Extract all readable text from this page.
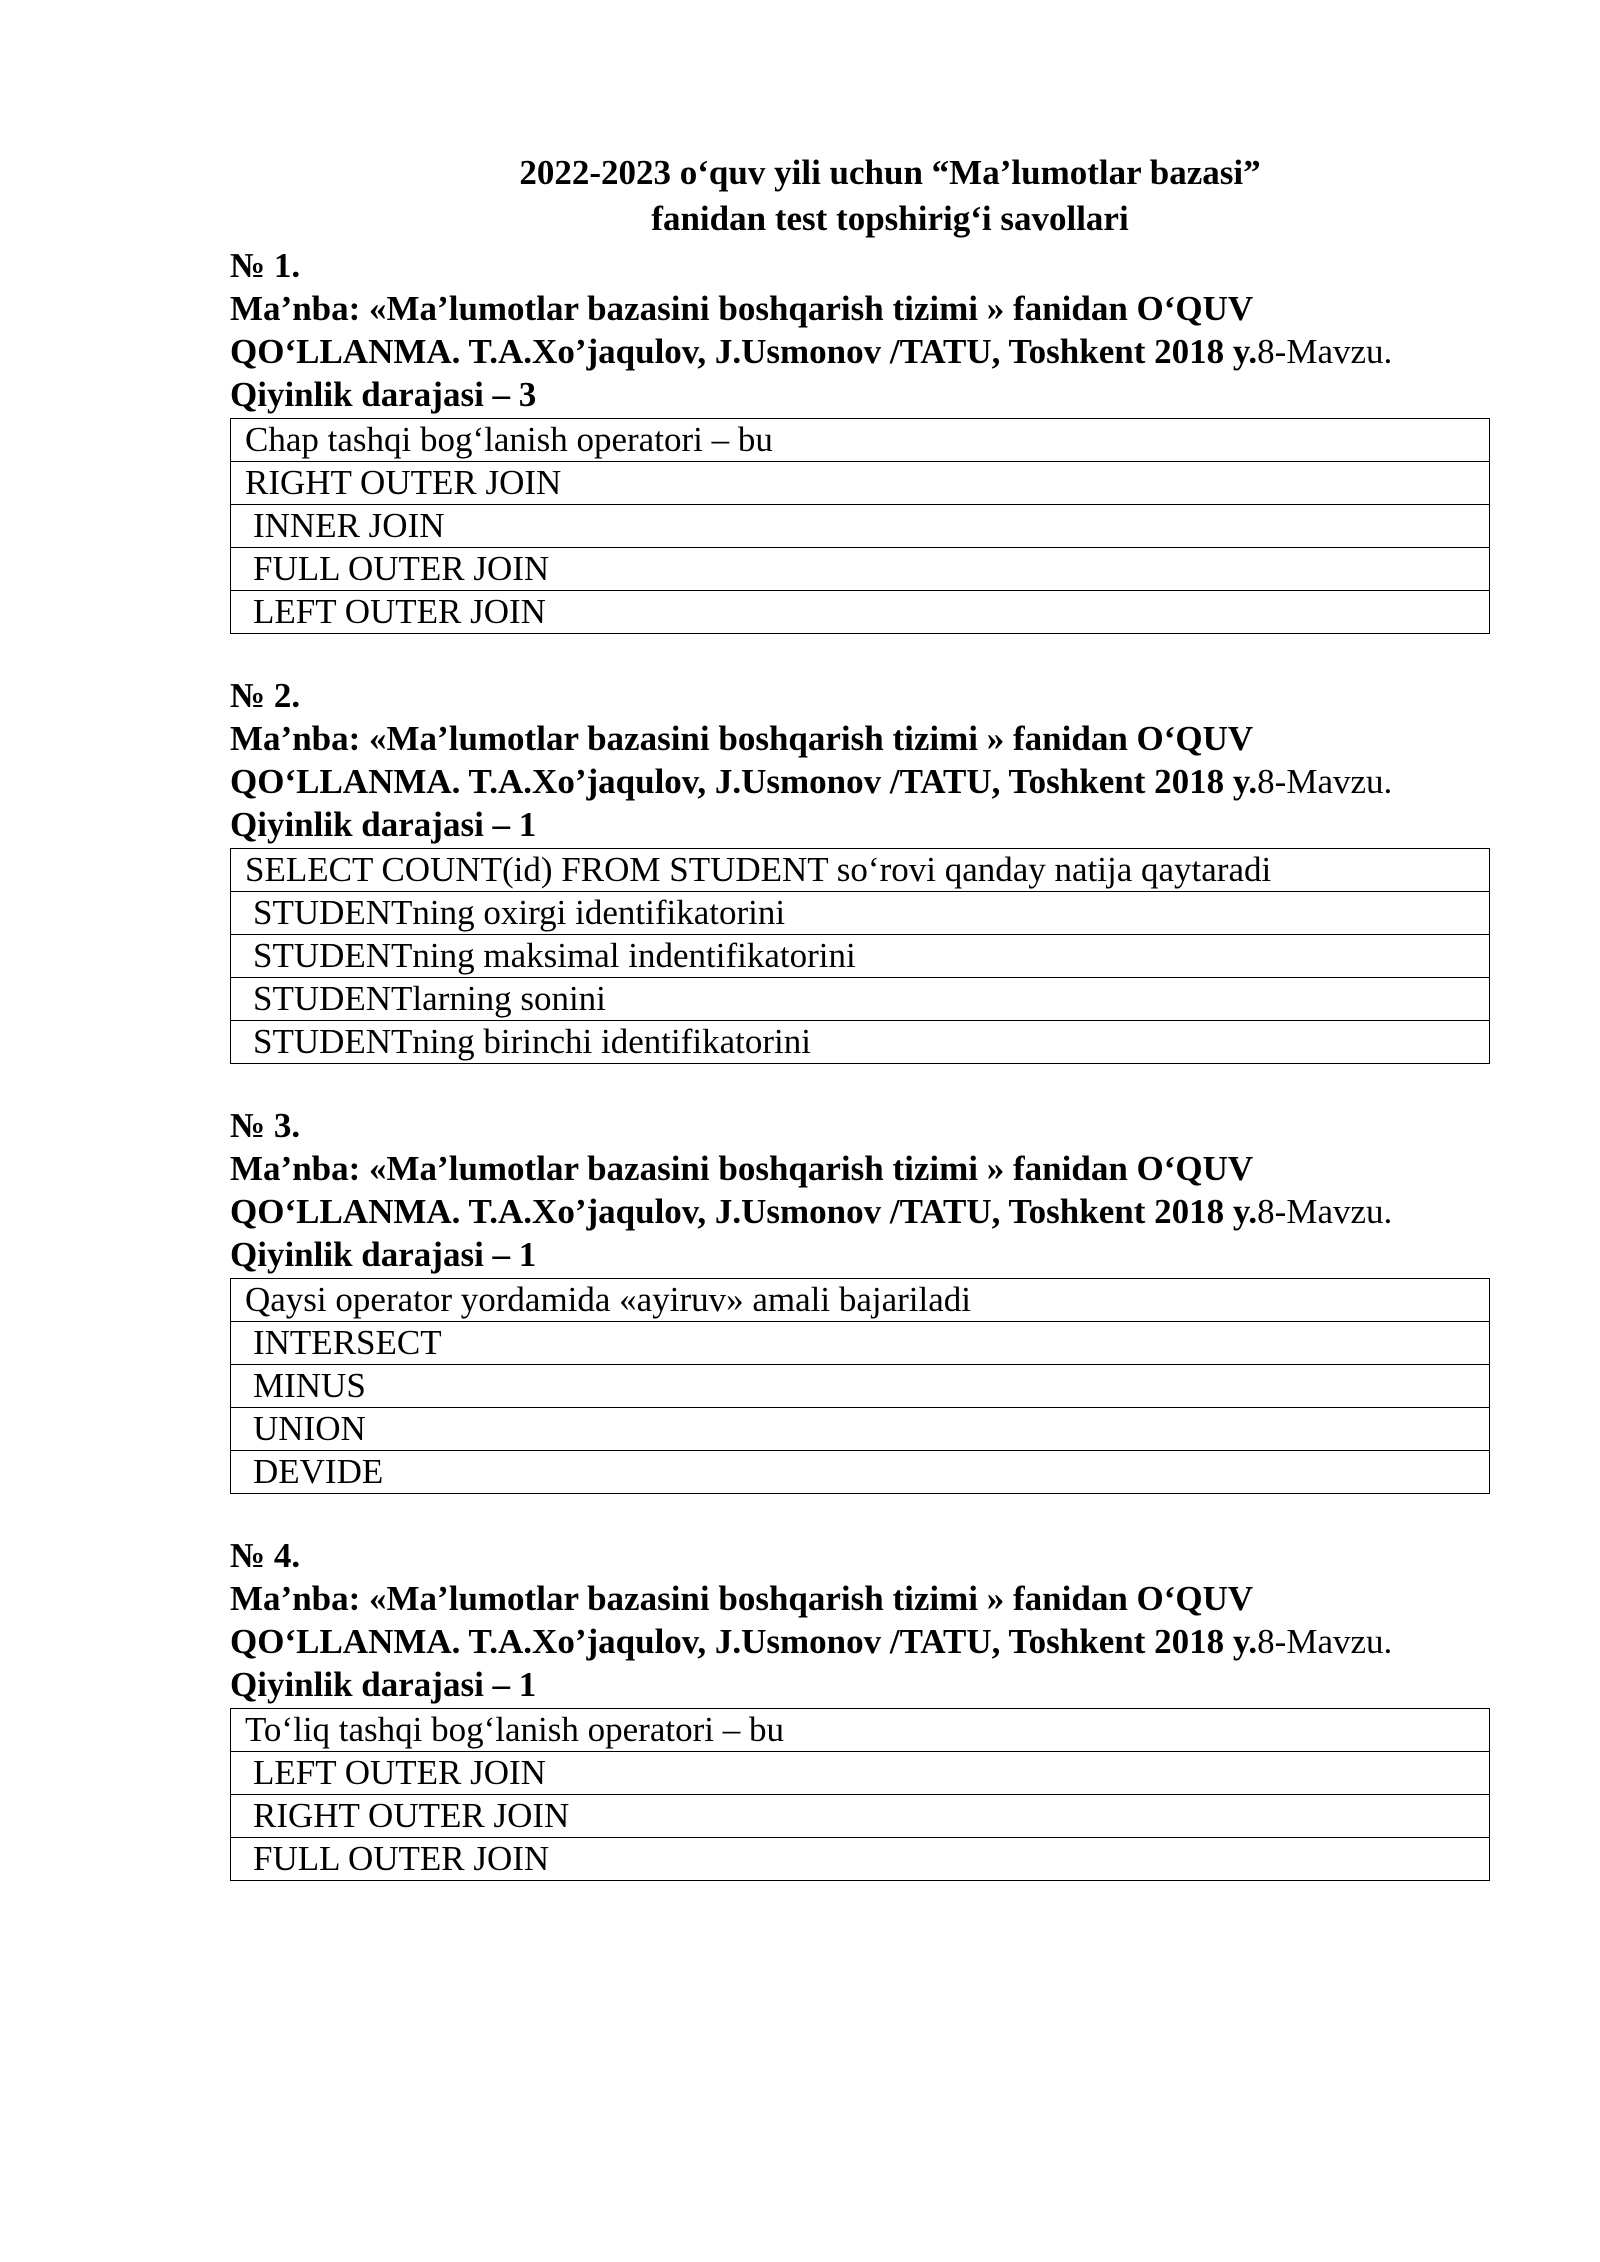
2022-2023 o‘quv yili uchun “Ma’lumotlar bazasi”

fanidan test topshirig‘i savollari

№ 1.

Ma’nba: «Ma’lumotlar bazasini boshqarish tizimi » fanidan O‘QUV QO‘LLANMA. T.A.Xo’jaqulov, J.Usmonov /TATU, Toshkent 2018 y.8-Mavzu.

Qiyinlik darajasi – 3

Chap tashqi bog‘lanish operatori – bu
RIGHT OUTER JOIN
INNER JOIN
FULL OUTER JOIN
LEFT OUTER JOIN

№ 2.

Ma’nba: «Ma’lumotlar bazasini boshqarish tizimi » fanidan O‘QUV QO‘LLANMA. T.A.Xo’jaqulov, J.Usmonov /TATU, Toshkent 2018 y.8-Mavzu.

Qiyinlik darajasi – 1

SELECT COUNT(id) FROM STUDENT so‘rovi qanday natija qaytaradi
STUDENTning oxirgi identifikatorini
STUDENTning maksimal indentifikatorini
STUDENTlarning sonini
STUDENTning birinchi identifikatorini

№ 3.

Ma’nba: «Ma’lumotlar bazasini boshqarish tizimi » fanidan O‘QUV QO‘LLANMA. T.A.Xo’jaqulov, J.Usmonov /TATU, Toshkent 2018 y.8-Mavzu.

Qiyinlik darajasi – 1

Qaysi operator yordamida «ayiruv» amali bajariladi
INTERSECT
MINUS
UNION
DEVIDE

№ 4.

Ma’nba: «Ma’lumotlar bazasini boshqarish tizimi » fanidan O‘QUV QO‘LLANMA. T.A.Xo’jaqulov, J.Usmonov /TATU, Toshkent 2018 y.8-Mavzu.

Qiyinlik darajasi – 1

To‘liq tashqi bog‘lanish operatori – bu
LEFT OUTER JOIN
RIGHT OUTER JOIN
FULL OUTER JOIN
